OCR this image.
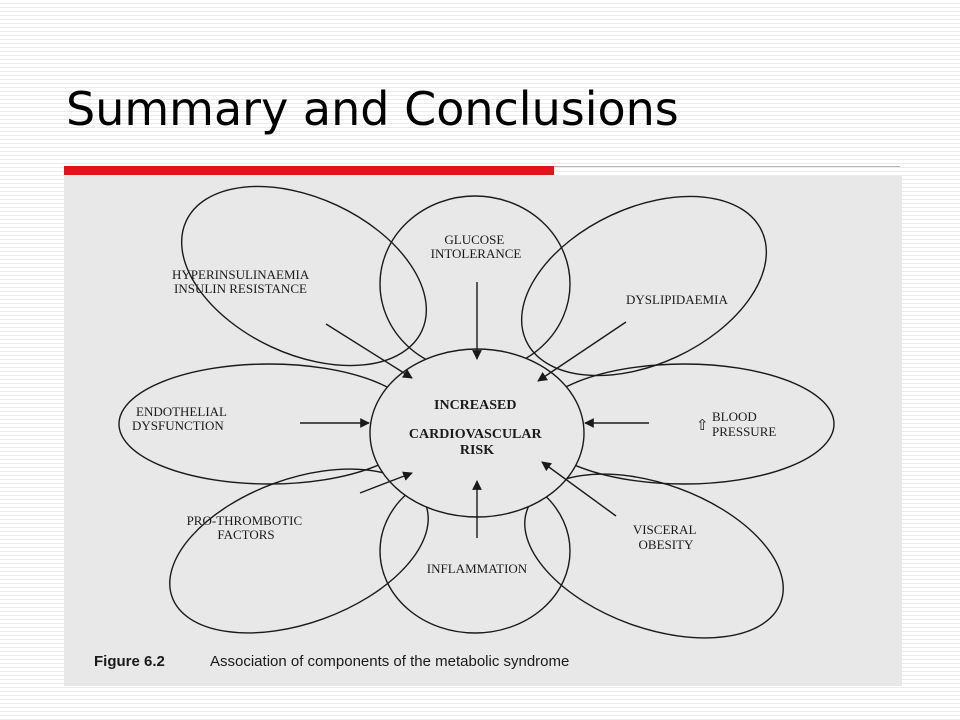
Summary and Conclusions
INCREASED CARDIOVASCULAR RISK
GLUCOSE INTOLERANCE
HYPERINSULINAEMIA INSULIN RESISTANCE
DYSLIPIDAEMIA
ENDOTHELIAL DYSFUNCTION	⇧
BLOOD PRESSURE
PRO-THROMBOTIC FACTORS	VISCERAL OBESITY
INFLAMMATION
Figure 6.2	Association of components of the metabolic syndrome
